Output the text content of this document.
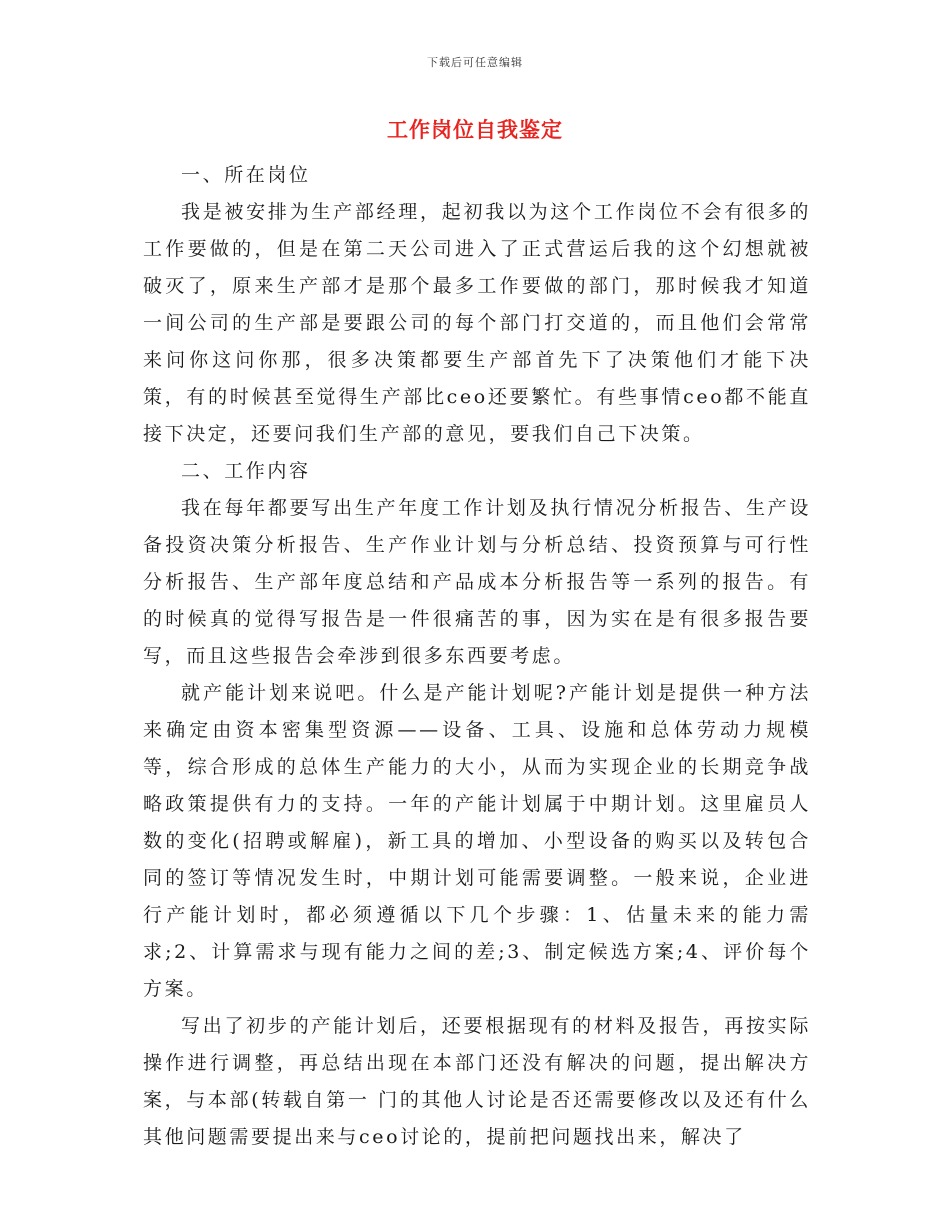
下载后可任意编辑
工作岗位自我鉴定

一、所在岗位

我是被安排为生产部经理，起初我以为这个工作岗位不会有很多的工作要做的，但是在第二天公司进入了正式营运后我的这个幻想就被破灭了，原来生产部才是那个最多工作要做的部门，那时候我才知道一间公司的生产部是要跟公司的每个部门打交道的，而且他们会常常来问你这问你那，很多决策都要生产部首先下了决策他们才能下决策，有的时候甚至觉得生产部比ceo还要繁忙。有些事情ceo都不能直接下决定，还要问我们生产部的意见，要我们自己下决策。

二、工作内容

我在每年都要写出生产年度工作计划及执行情况分析报告、生产设备投资决策分析报告、生产作业计划与分析总结、投资预算与可行性分析报告、生产部年度总结和产品成本分析报告等一系列的报告。有的时候真的觉得写报告是一件很痛苦的事，因为实在是有很多报告要写，而且这些报告会牵涉到很多东西要考虑。

就产能计划来说吧。什么是产能计划呢?产能计划是提供一种方法来确定由资本密集型资源——设备、工具、设施和总体劳动力规模等，综合形成的总体生产能力的大小，从而为实现企业的长期竞争战略政策提供有力的支持。一年的产能计划属于中期计划。这里雇员人数的变化(招聘或解雇)，新工具的增加、小型设备的购买以及转包合同的签订等情况发生时，中期计划可能需要调整。一般来说，企业进行产能计划时，都必须遵循以下几个步骤：1、估量未来的能力需求;2、计算需求与现有能力之间的差;3、制定候选方案;4、评价每个方案。

写出了初步的产能计划后，还要根据现有的材料及报告，再按实际操作进行调整，再总结出现在本部门还没有解决的问题，提出解决方案，与本部(转载自第一 门的其他人讨论是否还需要修改以及还有什么其他问题需要提出来与ceo讨论的，提前把问题找出来，解决了
